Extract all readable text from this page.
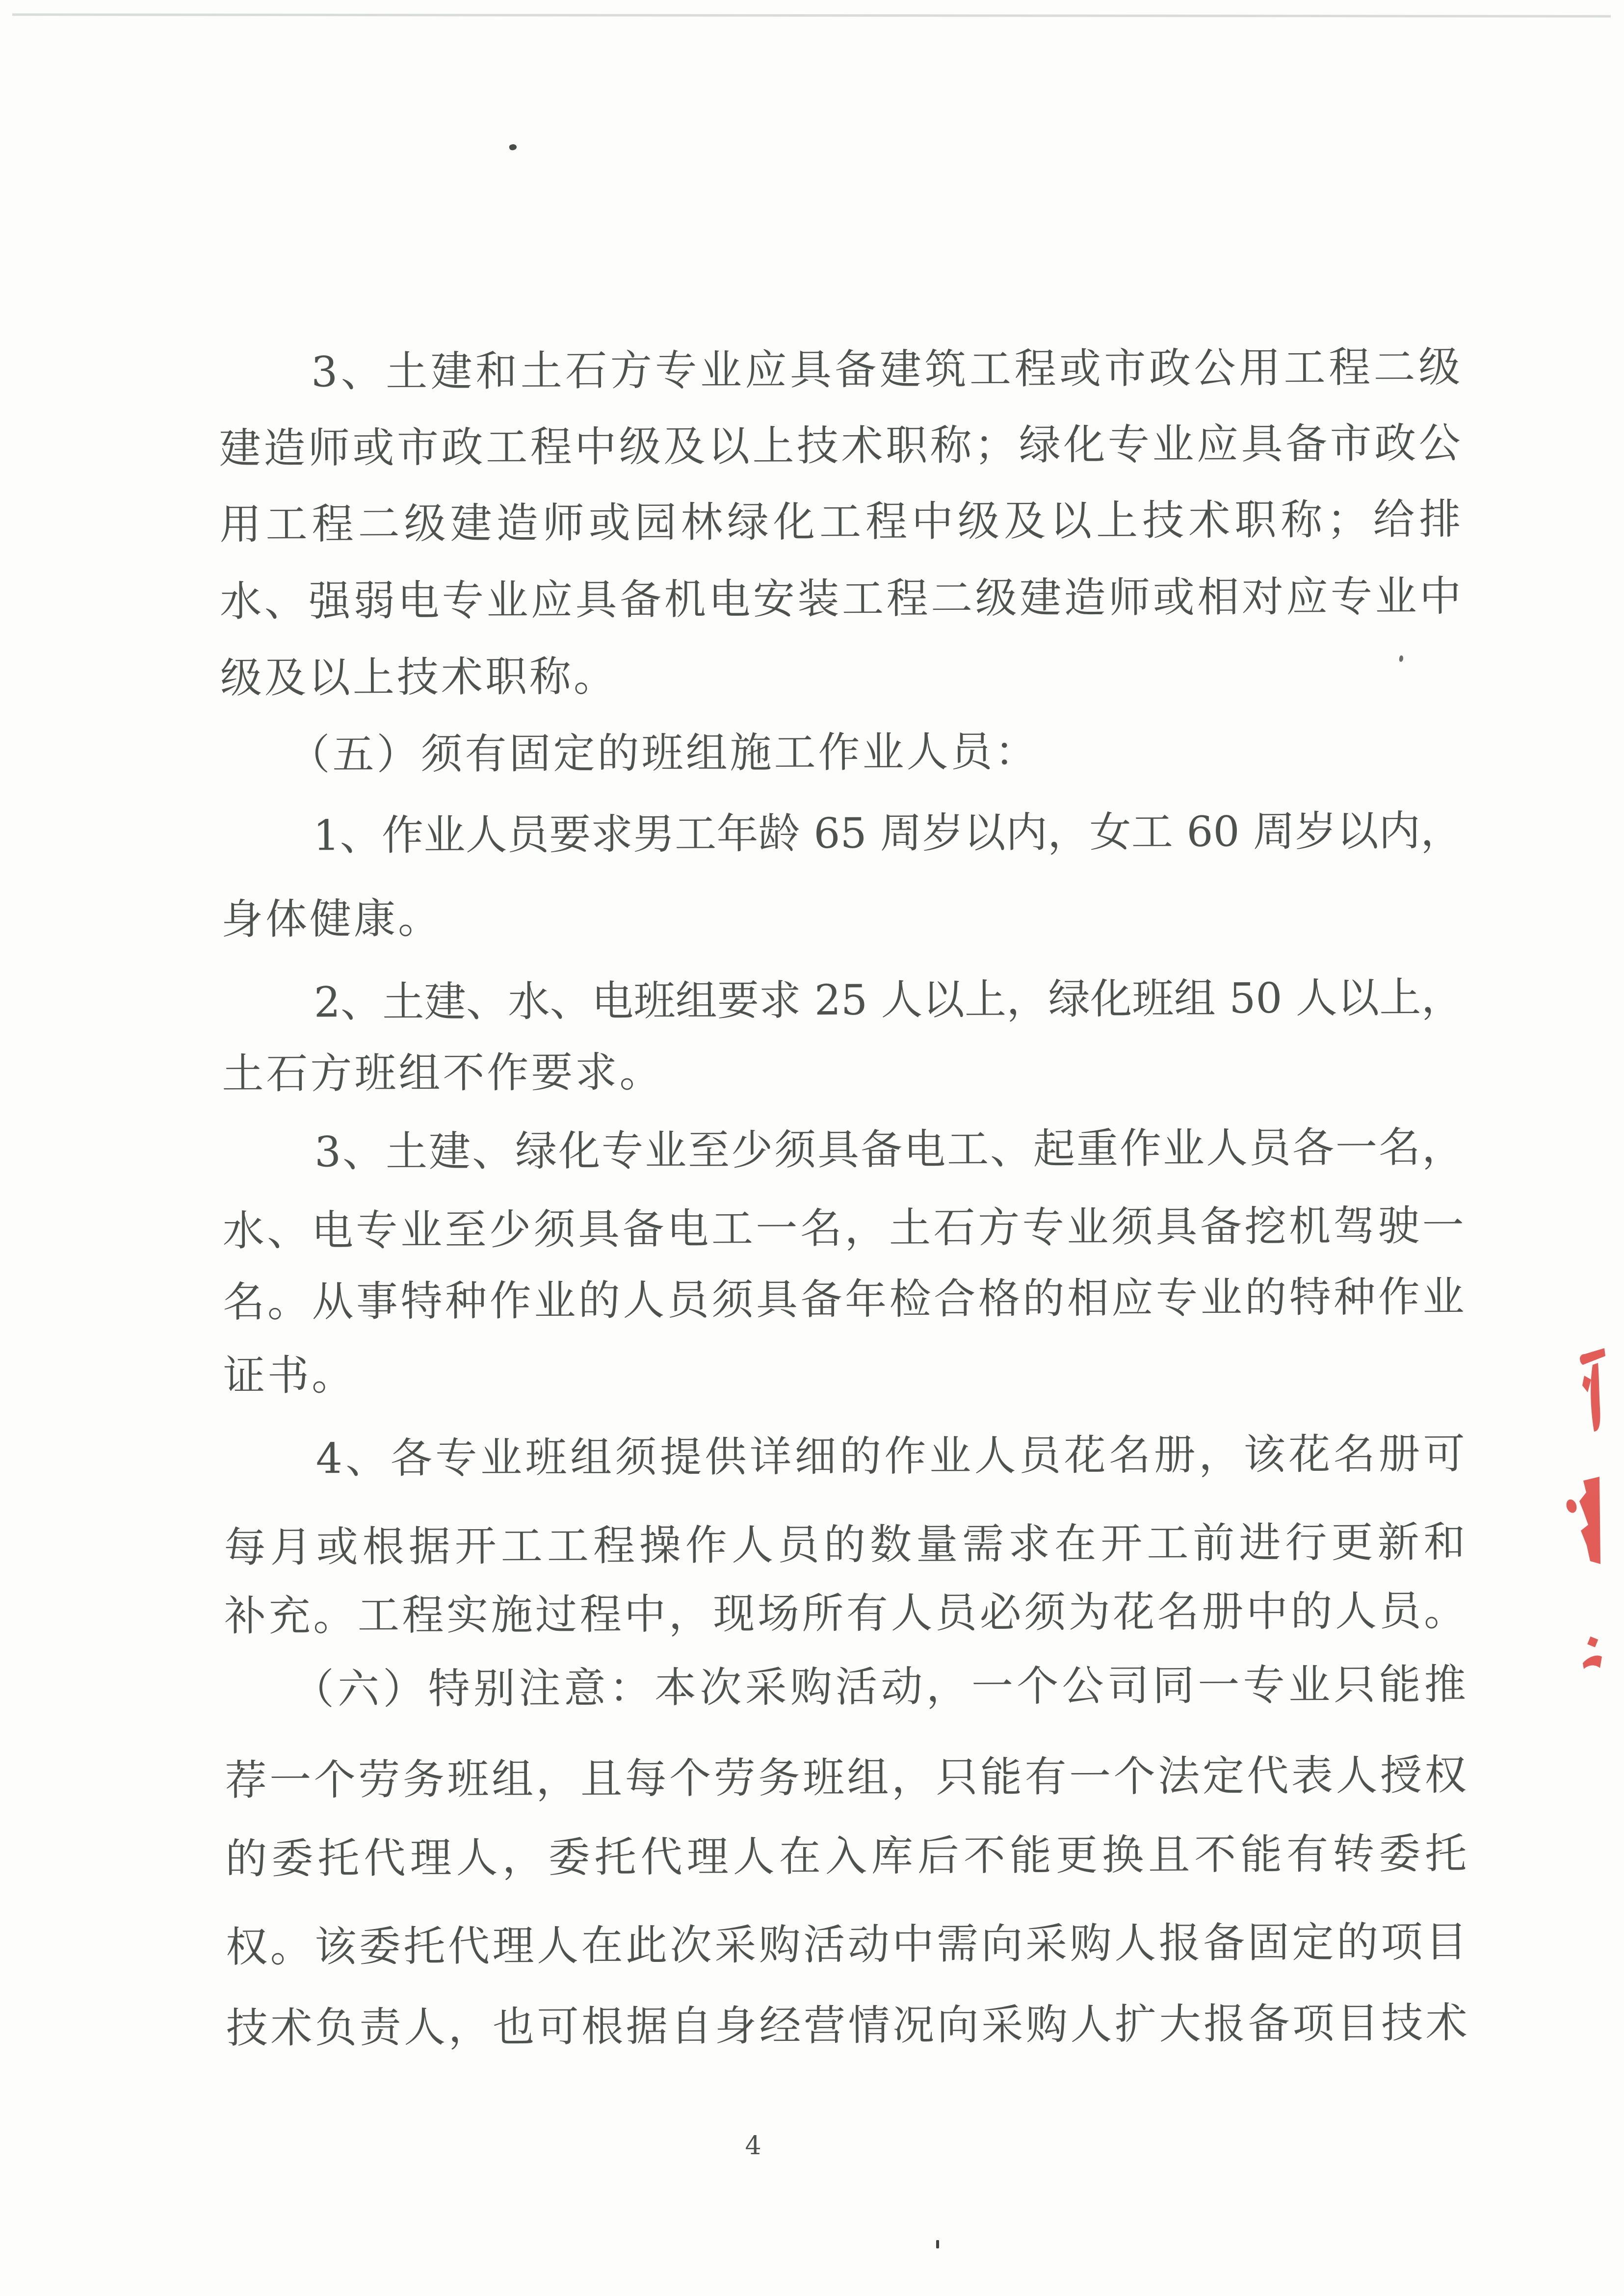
3、土建和土石方专业应具备建筑工程或市政公用工程二级
建造师或市政工程中级及以上技术职称；绿化专业应具备市政公
用工程二级建造师或园林绿化工程中级及以上技术职称；给排
水、强弱电专业应具备机电安装工程二级建造师或相对应专业中
级及以上技术职称。
（五）须有固定的班组施工作业人员：
1、作业人员要求男工年龄 65 周岁以内，女工 60 周岁以内，
身体健康。
2、土建、水、电班组要求 25 人以上，绿化班组 50 人以上，
土石方班组不作要求。
3、土建、绿化专业至少须具备电工、起重作业人员各一名，
水、电专业至少须具备电工一名，土石方专业须具备挖机驾驶一
名。从事特种作业的人员须具备年检合格的相应专业的特种作业
证书。
4、各专业班组须提供详细的作业人员花名册，该花名册可
每月或根据开工工程操作人员的数量需求在开工前进行更新和
补充。工程实施过程中，现场所有人员必须为花名册中的人员。
（六）特别注意：本次采购活动，一个公司同一专业只能推
荐一个劳务班组，且每个劳务班组，只能有一个法定代表人授权
的委托代理人，委托代理人在入库后不能更换且不能有转委托
权。该委托代理人在此次采购活动中需向采购人报备固定的项目
技术负责人，也可根据自身经营情况向采购人扩大报备项目技术
4
